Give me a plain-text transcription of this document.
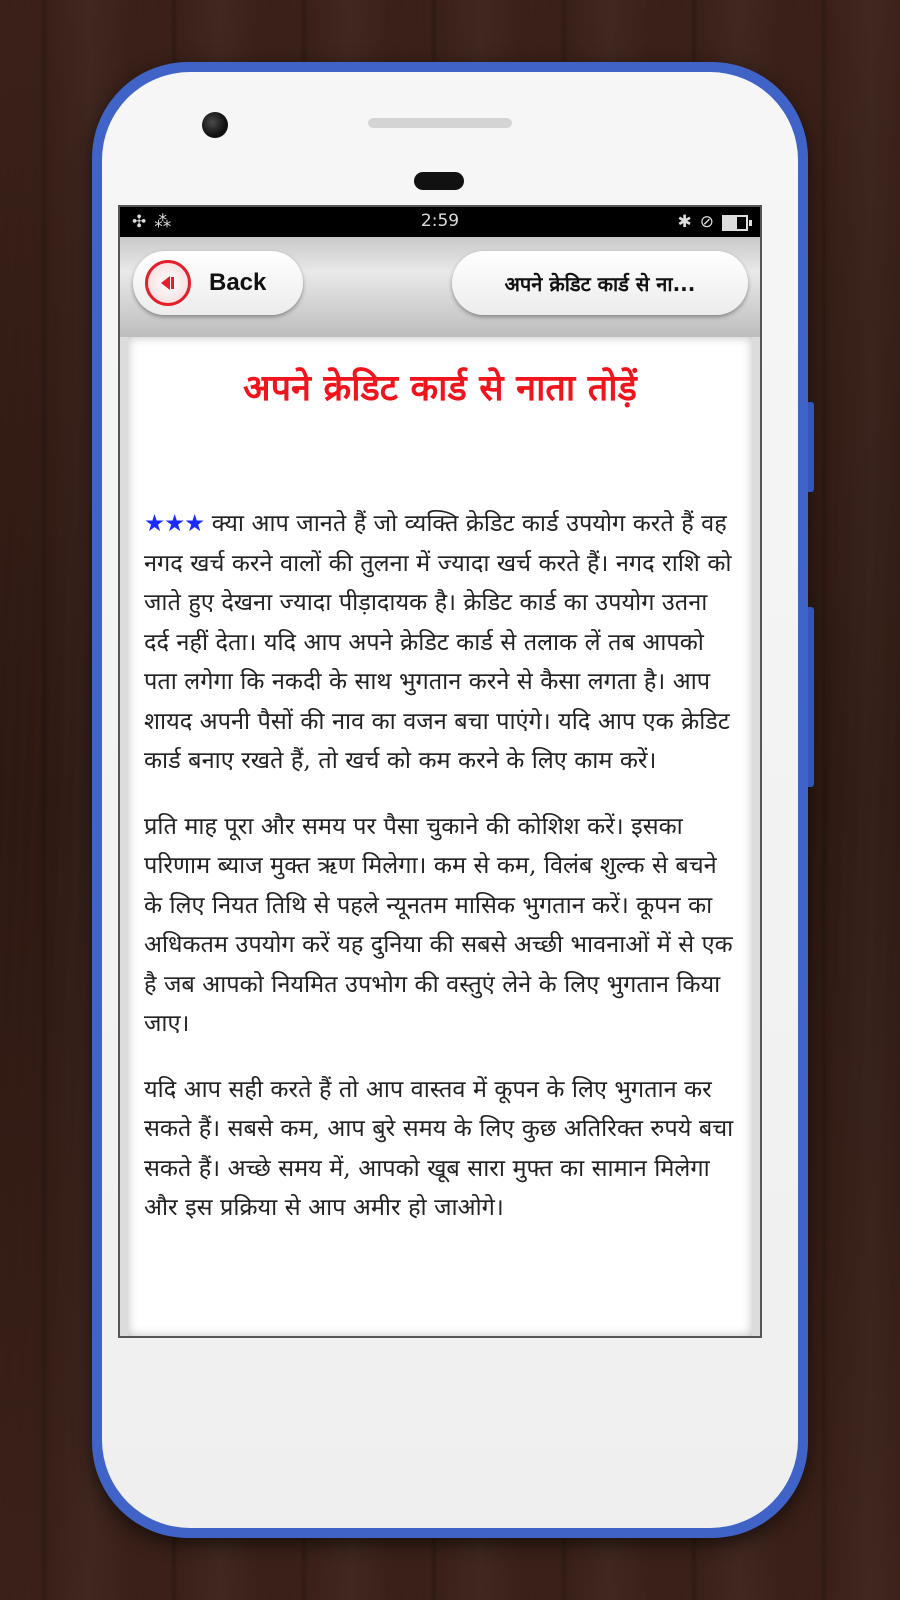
✣ ⁂	2:59	✱ ⊘
Back	अपने क्रेडिट कार्ड से ना...
अपने क्रेडिट कार्ड से नाता तोड़ें

★★★ क्या आप जानते हैं जो व्यक्ति क्रेडिट कार्ड उपयोग करते हैं वह नगद खर्च करने वालों की तुलना में ज्यादा खर्च करते हैं। नगद राशि को जाते हुए देखना ज्यादा पीड़ादायक है। क्रेडिट कार्ड का उपयोग उतना दर्द नहीं देता। यदि आप अपने क्रेडिट कार्ड से तलाक लें तब आपको पता लगेगा कि नकदी के साथ भुगतान करने से कैसा लगता है। आप शायद अपनी पैसों की नाव का वजन बचा पाएंगे। यदि आप एक क्रेडिट कार्ड बनाए रखते हैं, तो खर्च को कम करने के लिए काम करें।

प्रति माह पूरा और समय पर पैसा चुकाने की कोशिश करें। इसका परिणाम ब्याज मुक्त ऋण मिलेगा। कम से कम, विलंब शुल्क से बचने के लिए नियत तिथि से पहले न्यूनतम मासिक भुगतान करें। कूपन का अधिकतम उपयोग करें यह दुनिया की सबसे अच्छी भावनाओं में से एक है जब आपको नियमित उपभोग की वस्तुएं लेने के लिए भुगतान किया जाए।

यदि आप सही करते हैं तो आप वास्तव में कूपन के लिए भुगतान कर सकते हैं। सबसे कम, आप बुरे समय के लिए कुछ अतिरिक्त रुपये बचा सकते हैं। अच्छे समय में, आपको खूब सारा मुफ्त का सामान मिलेगा और इस प्रक्रिया से आप अमीर हो जाओगे।
